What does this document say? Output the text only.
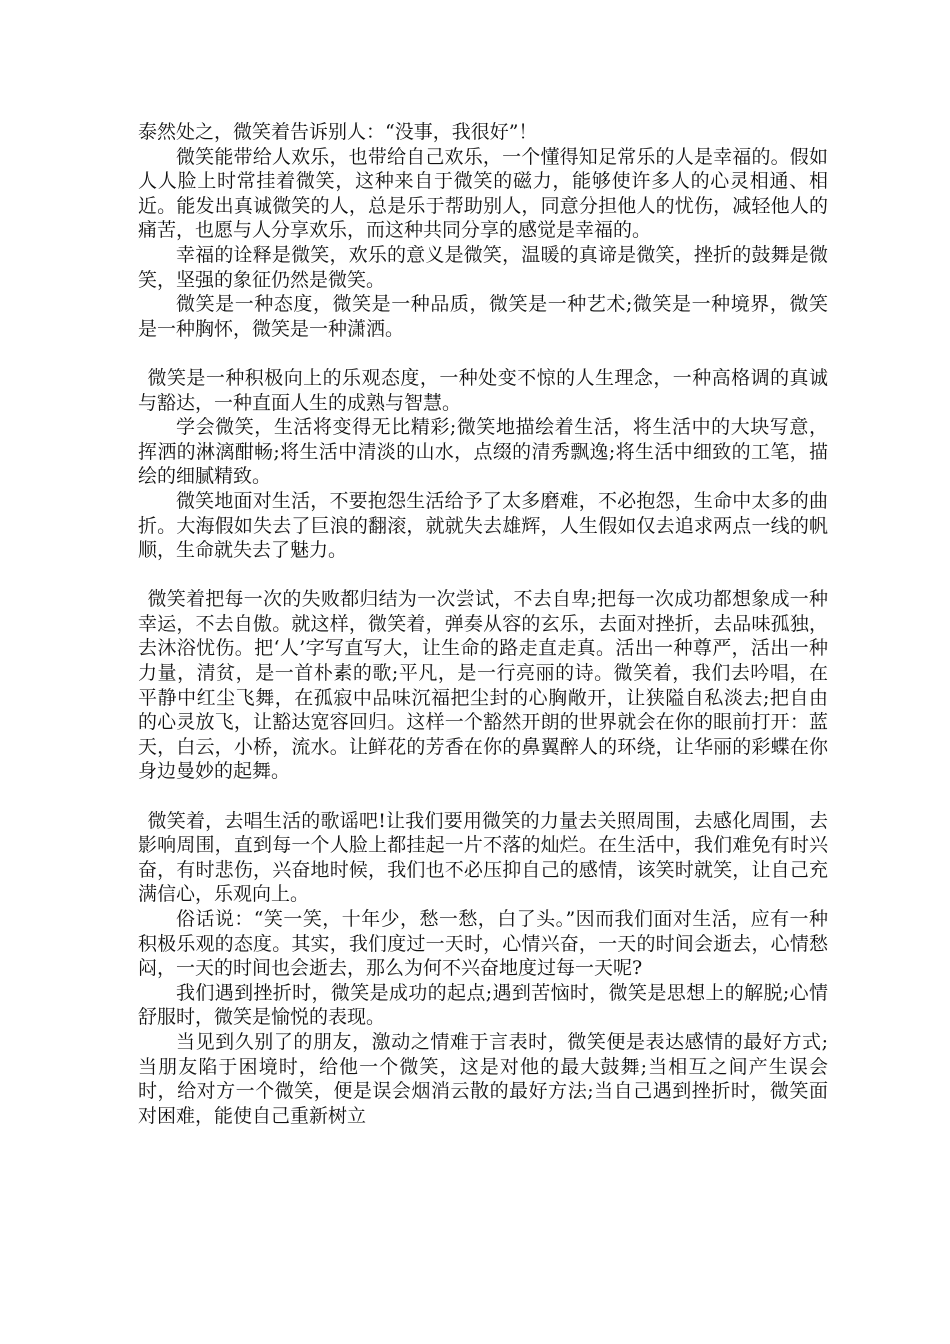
泰然处之，微笑着告诉别人：“没事，我很好”！

微笑能带给人欢乐，也带给自己欢乐，一个懂得知足常乐的人是幸福的。假如人人脸上时常挂着微笑，这种来自于微笑的磁力，能够使许多人的心灵相通、相近。能发出真诚微笑的人，总是乐于帮助别人，同意分担他人的忧伤，减轻他人的痛苦，也愿与人分享欢乐，而这种共同分享的感觉是幸福的。

幸福的诠释是微笑，欢乐的意义是微笑，温暖的真谛是微笑，挫折的鼓舞是微笑，坚强的象征仍然是微笑。

微笑是一种态度，微笑是一种品质，微笑是一种艺术;微笑是一种境界，微笑是一种胸怀，微笑是一种潇洒。

微笑是一种积极向上的乐观态度，一种处变不惊的人生理念，一种高格调的真诚与豁达，一种直面人生的成熟与智慧。

学会微笑，生活将变得无比精彩;微笑地描绘着生活，将生活中的大块写意，挥洒的淋漓酣畅;将生活中清淡的山水，点缀的清秀飘逸;将生活中细致的工笔，描绘的细腻精致。

微笑地面对生活，不要抱怨生活给予了太多磨难，不必抱怨，生命中太多的曲折。大海假如失去了巨浪的翻滚，就就失去雄辉，人生假如仅去追求两点一线的帆顺，生命就失去了魅力。

微笑着把每一次的失败都归结为一次尝试，不去自卑;把每一次成功都想象成一种幸运，不去自傲。就这样，微笑着，弹奏从容的玄乐，去面对挫折，去品味孤独，去沐浴忧伤。把‘人’字写直写大，让生命的路走直走真。活出一种尊严，活出一种力量，清贫，是一首朴素的歌;平凡，是一行亮丽的诗。微笑着，我们去吟唱，在平静中红尘飞舞，在孤寂中品味沉福把尘封的心胸敞开，让狭隘自私淡去;把自由的心灵放飞，让豁达宽容回归。这样一个豁然开朗的世界就会在你的眼前打开：蓝天，白云，小桥，流水。让鲜花的芳香在你的鼻翼醉人的环绕，让华丽的彩蝶在你身边曼妙的起舞。

微笑着，去唱生活的歌谣吧!让我们要用微笑的力量去关照周围，去感化周围，去影响周围，直到每一个人脸上都挂起一片不落的灿烂。在生活中，我们难免有时兴奋，有时悲伤，兴奋地时候，我们也不必压抑自己的感情，该笑时就笑，让自己充满信心，乐观向上。

俗话说：“笑一笑，十年少，愁一愁，白了头。”因而我们面对生活，应有一种积极乐观的态度。其实，我们度过一天时，心情兴奋，一天的时间会逝去，心情愁闷，一天的时间也会逝去，那么为何不兴奋地度过每一天呢?

我们遇到挫折时，微笑是成功的起点;遇到苦恼时，微笑是思想上的解脱;心情舒服时，微笑是愉悦的表现。

当见到久别了的朋友，激动之情难于言表时，微笑便是表达感情的最好方式;当朋友陷于困境时，给他一个微笑，这是对他的最大鼓舞;当相互之间产生误会时，给对方一个微笑，便是误会烟消云散的最好方法;当自己遇到挫折时，微笑面对困难，能使自己重新树立
